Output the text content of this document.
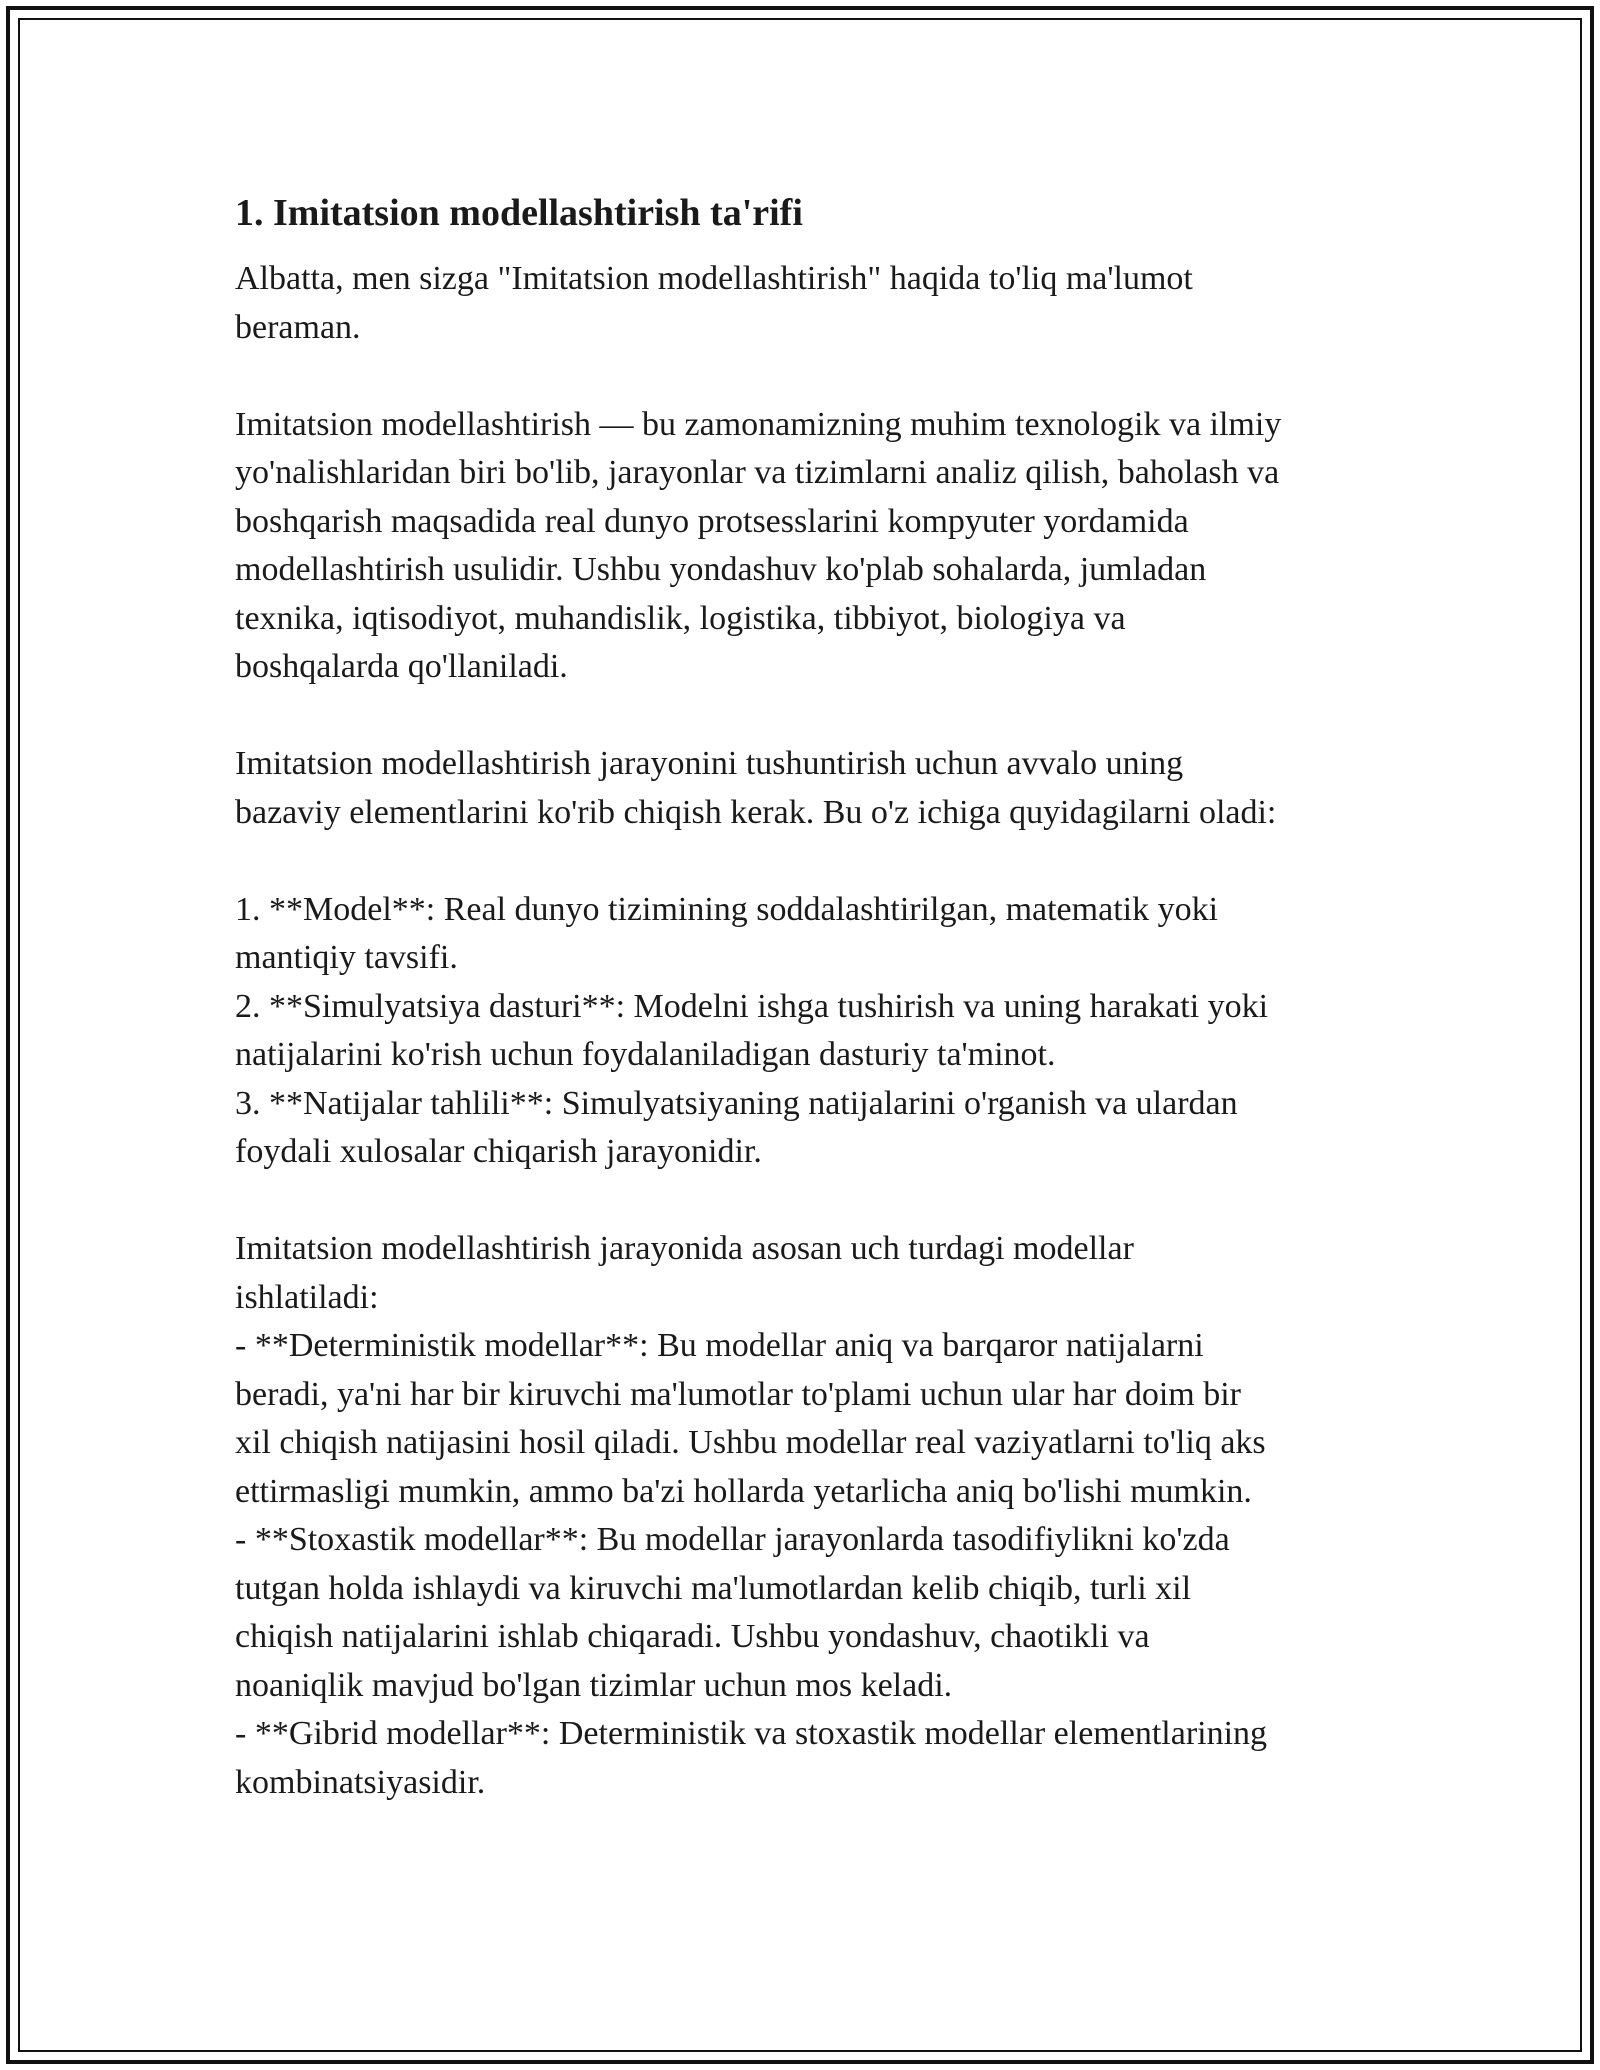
1. Imitatsion modellashtirish ta'rifi

Albatta, men sizga "Imitatsion modellashtirish" haqida to'liq ma'lumot
beraman.

Imitatsion modellashtirish — bu zamonamizning muhim texnologik va ilmiy
yo'nalishlaridan biri bo'lib, jarayonlar va tizimlarni analiz qilish, baholash va
boshqarish maqsadida real dunyo protsesslarini kompyuter yordamida
modellashtirish usulidir. Ushbu yondashuv ko'plab sohalarda, jumladan
texnika, iqtisodiyot, muhandislik, logistika, tibbiyot, biologiya va
boshqalarda qo'llaniladi.

Imitatsion modellashtirish jarayonini tushuntirish uchun avvalo uning
bazaviy elementlarini ko'rib chiqish kerak. Bu o'z ichiga quyidagilarni oladi:

1. **Model**: Real dunyo tizimining soddalashtirilgan, matematik yoki
mantiqiy tavsifi.
2. **Simulyatsiya dasturi**: Modelni ishga tushirish va uning harakati yoki
natijalarini ko'rish uchun foydalaniladigan dasturiy ta'minot.
3. **Natijalar tahlili**: Simulyatsiyaning natijalarini o'rganish va ulardan
foydali xulosalar chiqarish jarayonidir.

Imitatsion modellashtirish jarayonida asosan uch turdagi modellar
ishlatiladi:
- **Deterministik modellar**: Bu modellar aniq va barqaror natijalarni
beradi, ya'ni har bir kiruvchi ma'lumotlar to'plami uchun ular har doim bir
xil chiqish natijasini hosil qiladi. Ushbu modellar real vaziyatlarni to'liq aks
ettirmasligi mumkin, ammo ba'zi hollarda yetarlicha aniq bo'lishi mumkin.
- **Stoxastik modellar**: Bu modellar jarayonlarda tasodifiylikni ko'zda
tutgan holda ishlaydi va kiruvchi ma'lumotlardan kelib chiqib, turli xil
chiqish natijalarini ishlab chiqaradi. Ushbu yondashuv, chaotikli va
noaniqlik mavjud bo'lgan tizimlar uchun mos keladi.
- **Gibrid modellar**: Deterministik va stoxastik modellar elementlarining
kombinatsiyasidir.
